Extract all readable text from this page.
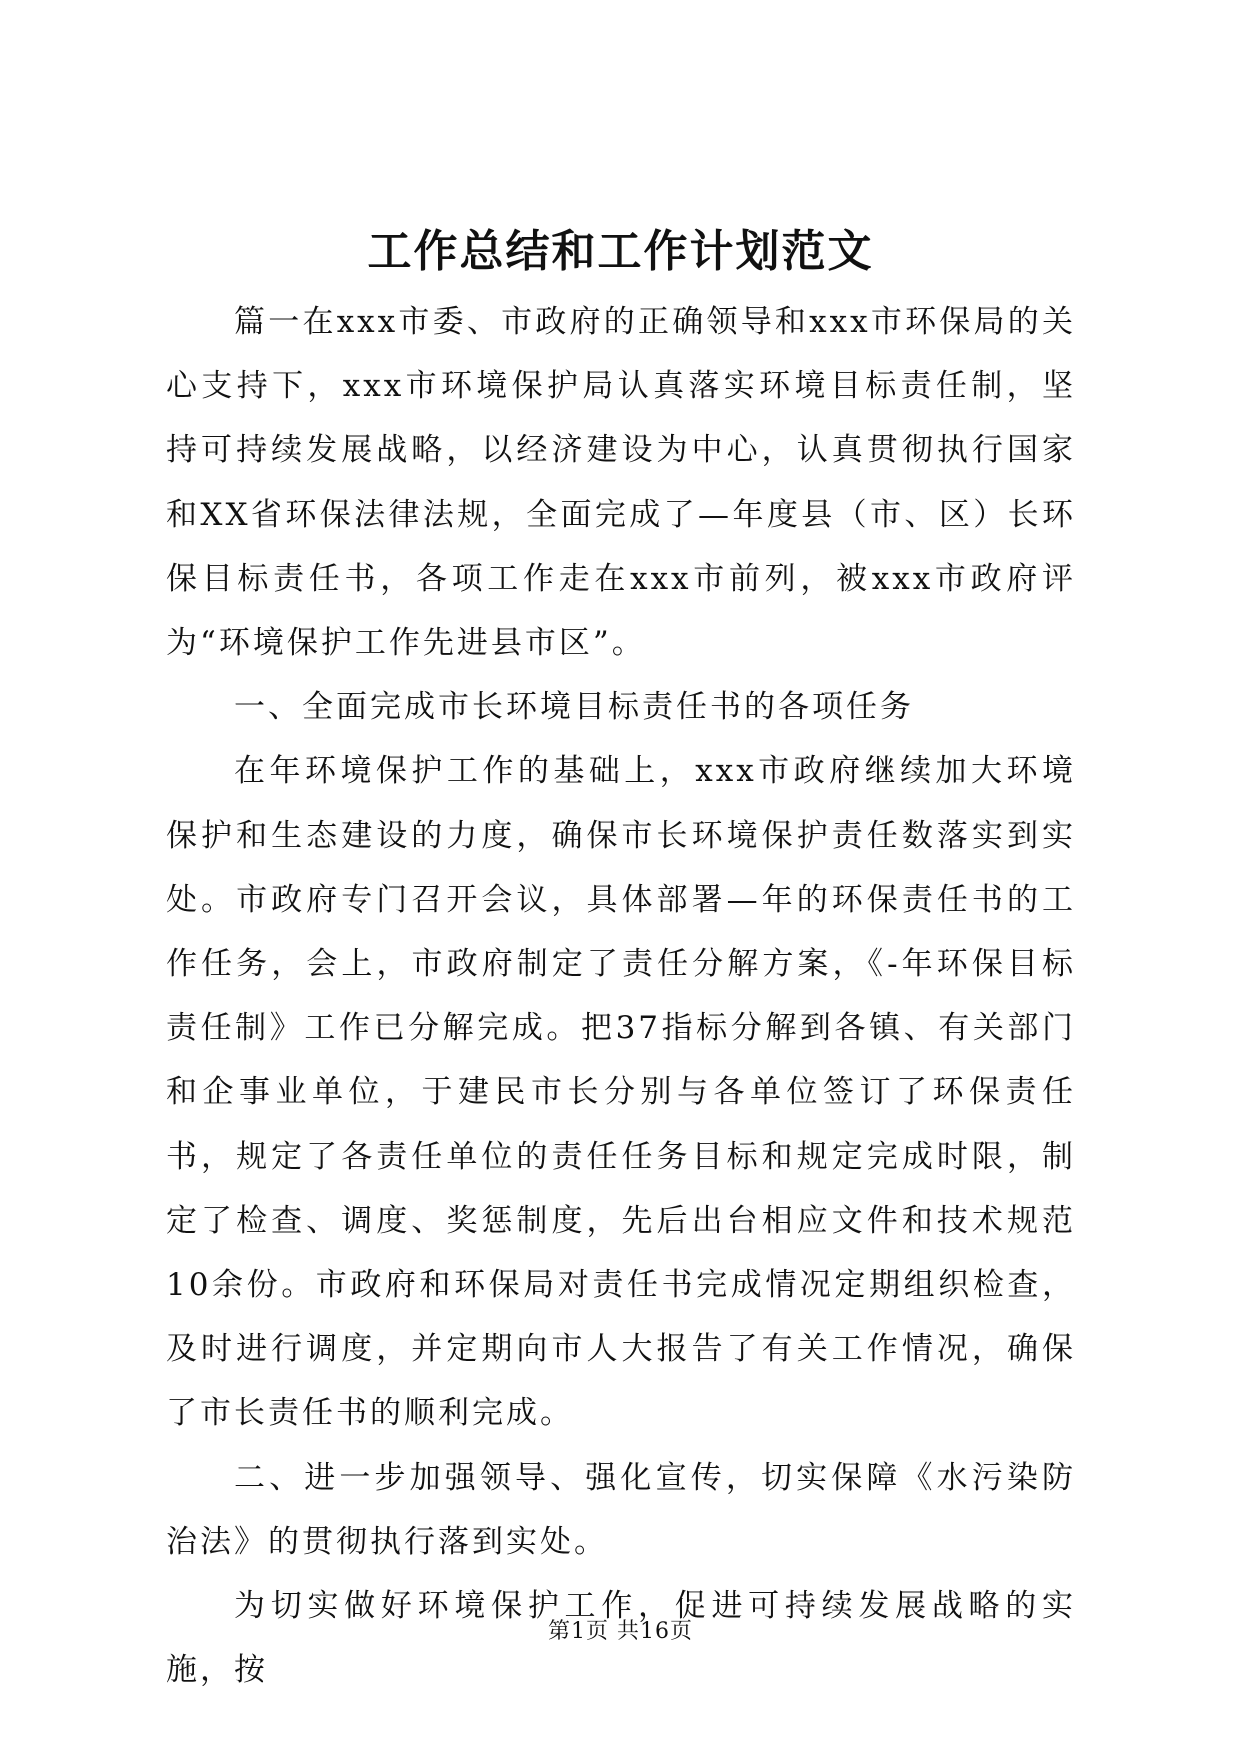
工作总结和工作计划范文

篇一在xxx市委、市政府的正确领导和xxx市环保局的关心支持下，xxx市环境保护局认真落实环境目标责任制，坚持可持续发展战略，以经济建设为中心，认真贯彻执行国家和XX省环保法律法规，全面完成了—年度县（市、区）长环保目标责任书，各项工作走在xxx市前列，被xxx市政府评为“环境保护工作先进县市区”。

一、全面完成市长环境目标责任书的各项任务

在年环境保护工作的基础上，xxx市政府继续加大环境保护和生态建设的力度，确保市长环境保护责任数落实到实处。市政府专门召开会议，具体部署—年的环保责任书的工作任务，会上，市政府制定了责任分解方案，《-年环保目标责任制》工作已分解完成。把37指标分解到各镇、有关部门和企事业单位，于建民市长分别与各单位签订了环保责任书，规定了各责任单位的责任任务目标和规定完成时限，制定了检查、调度、奖惩制度，先后出台相应文件和技术规范10余份。市政府和环保局对责任书完成情况定期组织检查，及时进行调度，并定期向市人大报告了有关工作情况，确保了市长责任书的顺利完成。

二、进一步加强领导、强化宣传，切实保障《水污染防治法》的贯彻执行落到实处。

为切实做好环境保护工作，促进可持续发展战略的实施，按

第1页 共16页
